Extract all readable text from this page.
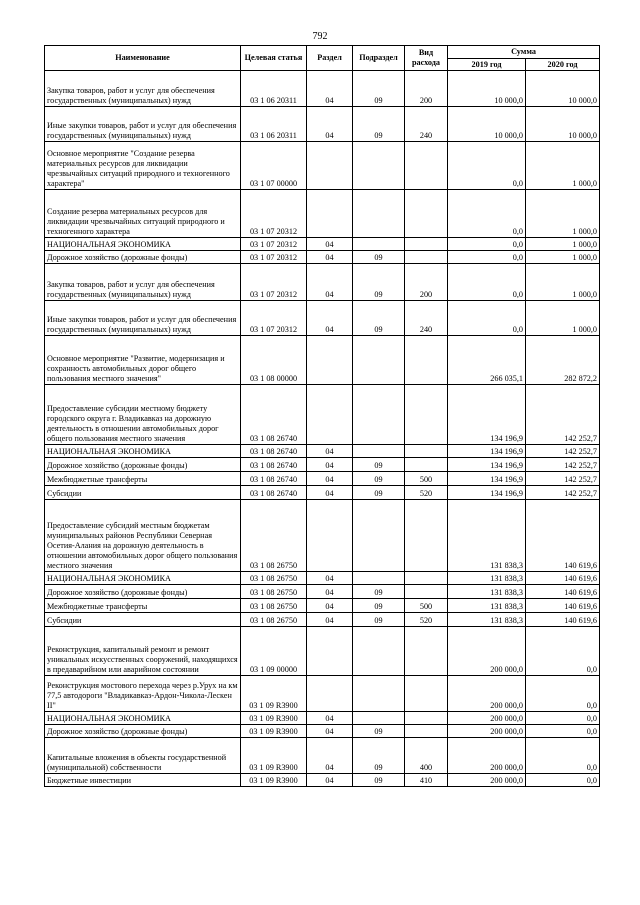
792
Наименование	Целевая статья	Раздел	Подраздел	Вид расхода	Сумма	
					2019 год	2020 год
Закупка товаров, работ и услуг для обеспечения государственных (муниципальных) нужд	03 1 06 20311	04	09	200	10 000,0	10 000,0
Иные закупки товаров, работ и услуг для обеспечения государственных (муниципальных) нужд	03 1 06 20311	04	09	240	10 000,0	10 000,0
Основное мероприятие "Создание резерва материальных ресурсов для ликвидации чрезвычайных ситуаций природного и техногенного характера"	03 1 07 00000				0,0	1 000,0
Создание резерва материальных ресурсов для ликвидации чрезвычайных ситуаций природного и техногенного характера	03 1 07 20312				0,0	1 000,0
НАЦИОНАЛЬНАЯ ЭКОНОМИКА	03 1 07 20312	04			0,0	1 000,0
Дорожное хозяйство (дорожные фонды)	03 1 07 20312	04	09		0,0	1 000,0
Закупка товаров, работ и услуг для обеспечения государственных (муниципальных) нужд	03 1 07 20312	04	09	200	0,0	1 000,0
Иные закупки товаров, работ и услуг для обеспечения государственных (муниципальных) нужд	03 1 07 20312	04	09	240	0,0	1 000,0
Основное мероприятие "Развитие, модернизация и сохранность автомобильных дорог общего пользования местного значения"	03 1 08 00000				266 035,1	282 872,2
Предоставление субсидии местному бюджету городского округа г. Владикавказ на дорожную деятельность в отношении автомобильных дорог общего пользования местного значения	03 1 08 26740				134 196,9	142 252,7
НАЦИОНАЛЬНАЯ ЭКОНОМИКА	03 1 08 26740	04			134 196,9	142 252,7
Дорожное хозяйство (дорожные фонды)	03 1 08 26740	04	09		134 196,9	142 252,7
Межбюджетные трансферты	03 1 08 26740	04	09	500	134 196,9	142 252,7
Субсидии	03 1 08 26740	04	09	520	134 196,9	142 252,7
Предоставление субсидий местным бюджетам муниципальных районов Республики Северная Осетия-Алания на дорожную деятельность в отношении автомобильных дорог общего пользования местного значения	03 1 08 26750				131 838,3	140 619,6
НАЦИОНАЛЬНАЯ ЭКОНОМИКА	03 1 08 26750	04			131 838,3	140 619,6
Дорожное хозяйство (дорожные фонды)	03 1 08 26750	04	09		131 838,3	140 619,6
Межбюджетные трансферты	03 1 08 26750	04	09	500	131 838,3	140 619,6
Субсидии	03 1 08 26750	04	09	520	131 838,3	140 619,6
Реконструкция, капитальный ремонт и ремонт уникальных искусственных сооружений, находящихся в предаварийном или аварийном состоянии	03 1 09 00000				200 000,0	0,0
Реконструкция мостового перехода через р.Урух на км 77,5 автодороги "Владикавказ-Ардон-Чикола-Лескен II"	03 1 09 R3900				200 000,0	0,0
НАЦИОНАЛЬНАЯ ЭКОНОМИКА	03 1 09 R3900	04			200 000,0	0,0
Дорожное хозяйство (дорожные фонды)	03 1 09 R3900	04	09		200 000,0	0,0
Капитальные вложения в объекты государственной (муниципальной) собственности	03 1 09 R3900	04	09	400	200 000,0	0,0
Бюджетные инвестиции	03 1 09 R3900	04	09	410	200 000,0	0,0
